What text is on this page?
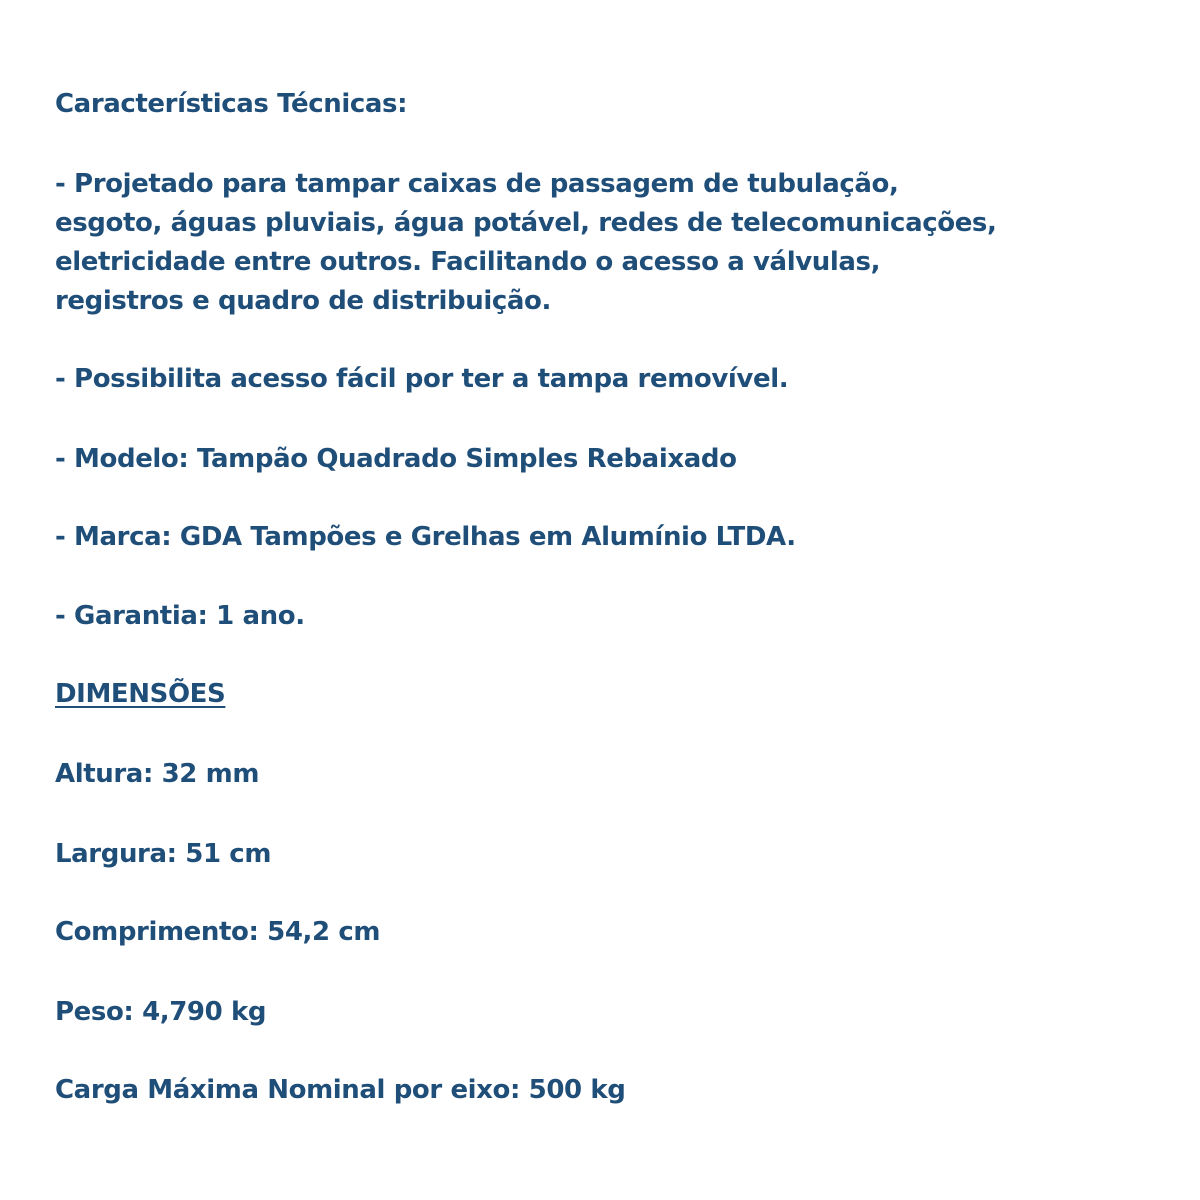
Características Técnicas:
- Projetado para tampar caixas de passagem de tubulação,
esgoto, águas pluviais, água potável, redes de telecomunicações,
eletricidade entre outros. Facilitando o acesso a válvulas,
registros e quadro de distribuição.
- Possibilita acesso fácil por ter a tampa removível.
- Modelo: Tampão Quadrado Simples Rebaixado
- Marca: GDA Tampões e Grelhas em Alumínio LTDA.
- Garantia: 1 ano.
DIMENSÕES
Altura: 32 mm
Largura: 51 cm
Comprimento: 54,2 cm
Peso: 4,790 kg
Carga Máxima Nominal por eixo: 500 kg
